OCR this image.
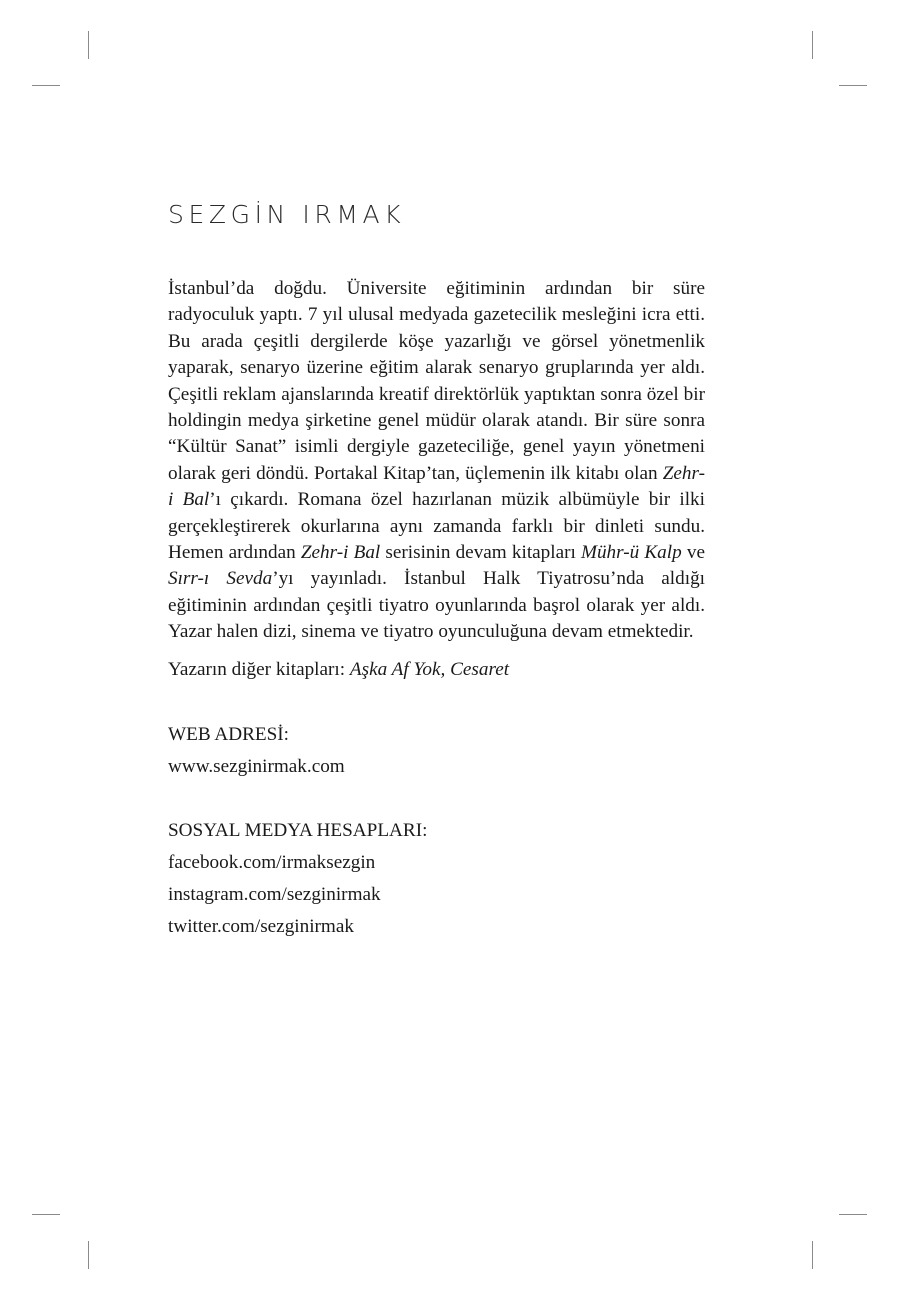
SEZGİN IRMAK

İstanbul’da doğdu. Üniversite eğitiminin ardından bir süre radyoculuk yaptı. 7 yıl ulusal medyada gazetecilik mesleğini icra etti. Bu arada çeşitli dergilerde köşe yazarlığı ve görsel yönetmenlik yaparak, senaryo üzerine eğitim alarak senaryo gruplarında yer aldı. Çeşitli reklam ajanslarında kreatif direktörlük yaptıktan sonra özel bir holdingin medya şirketine genel müdür olarak atandı. Bir süre sonra “Kültür Sanat” isimli dergiyle gazeteciliğe, genel yayın yönetmeni olarak geri döndü. Portakal Kitap’tan, üçlemenin ilk kitabı olan Zehr-i Bal’ı çıkardı. Romana özel hazırlanan müzik albümüyle bir ilki gerçekleştirerek okurlarına aynı zamanda farklı bir dinleti sundu. Hemen ardından Zehr-i Bal serisinin devam kitapları Mühr-ü Kalp ve Sırr-ı Sevda’yı yayınladı. İstanbul Halk Tiyatrosu’nda aldığı eğitiminin ardından çeşitli tiyatro oyunlarında başrol olarak yer aldı. Yazar halen dizi, sinema ve tiyatro oyunculuğuna devam etmektedir.

Yazarın diğer kitapları: Aşka Af Yok, Cesaret

WEB ADRESİ:

www.sezginirmak.com

SOSYAL MEDYA HESAPLARI:

facebook.com/irmaksezgin

instagram.com/sezginirmak

twitter.com/sezginirmak
